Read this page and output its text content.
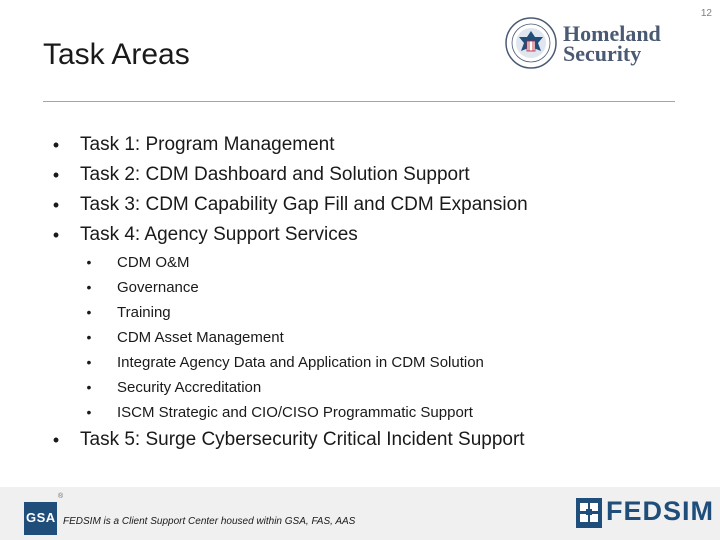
12
Task Areas
Homeland
Security
•	Task 1: Program Management
•	Task 2: CDM Dashboard and Solution Support
•	Task 3: CDM Capability Gap Fill and CDM Expansion
•	Task 4: Agency Support Services
•	CDM O&M
•	Governance
•	Training
•	CDM Asset Management
•	Integrate Agency Data and Application in CDM Solution
•	Security Accreditation
•	ISCM Strategic and CIO/CISO Programmatic Support
•	Task 5: Surge Cybersecurity Critical Incident Support
GSA
®
FEDSIM is a Client Support Center housed within GSA, FAS, AAS	FEDSIM
